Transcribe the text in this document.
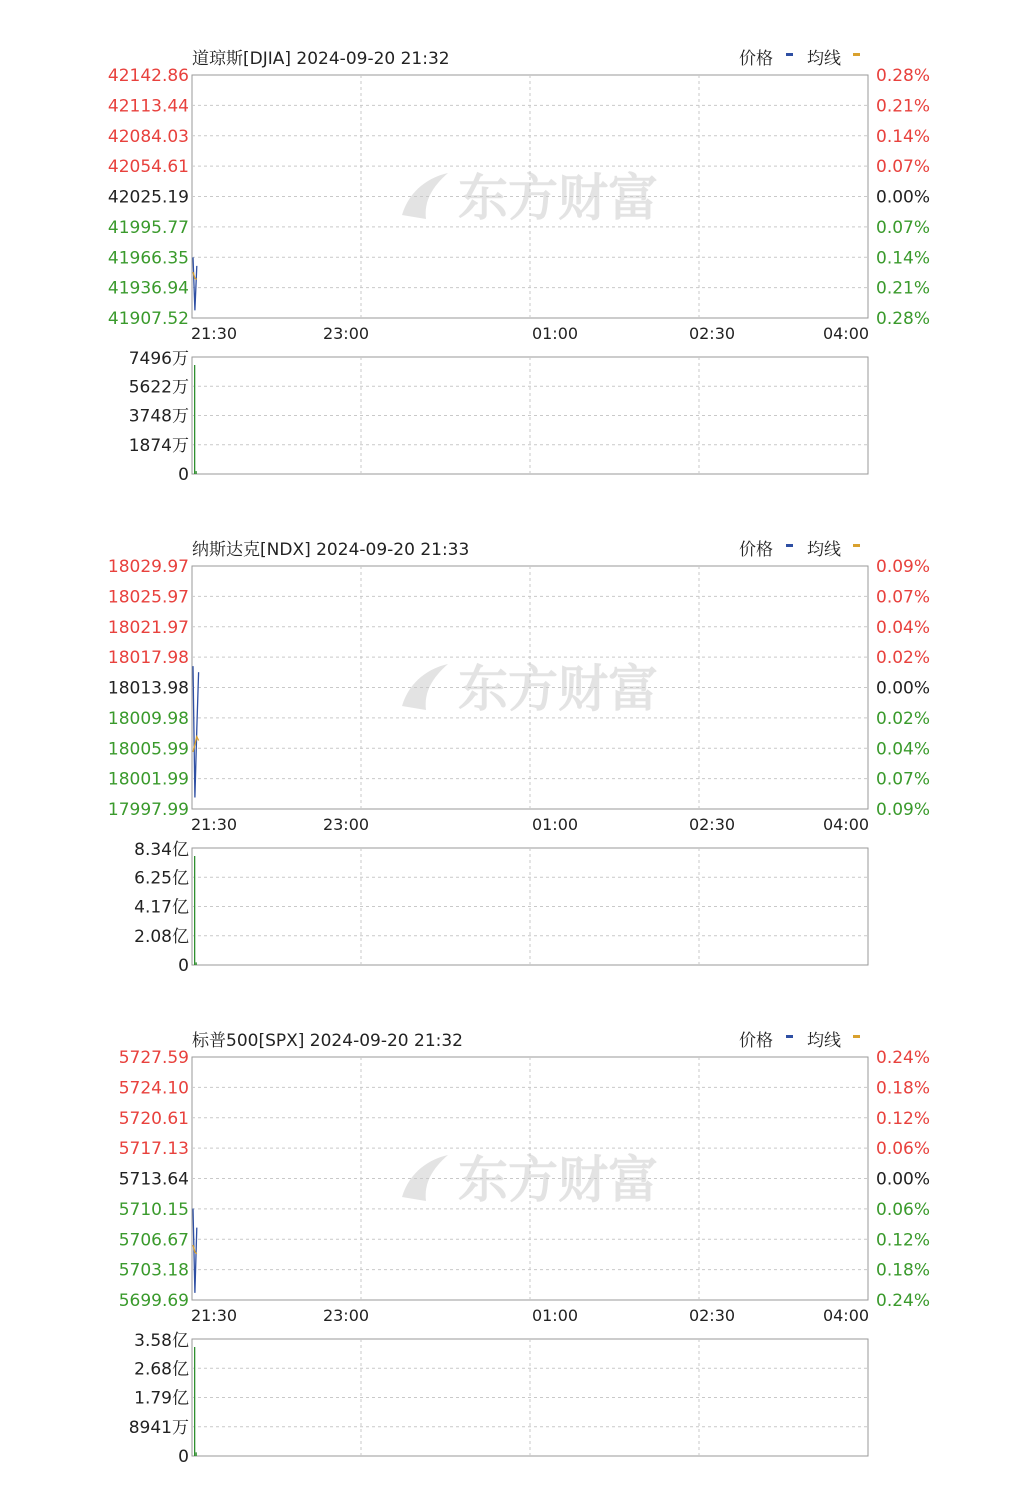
道琼斯[DJIA] 2024-09-20 21:32	价格 均线
东方财富
42142.86
42113.44
42084.03
42054.61
42025.19
41995.77
41966.35
41936.94
41907.52
0.28%
0.21%
0.14%
0.07%
0.00%
0.07%
0.14%
0.21%
0.28%
21:30	23:00	01:00	02:30	04:00
7496万
5622万
3748万
1874万
0
纳斯达克[NDX] 2024-09-20 21:33	价格 均线
东方财富
18029.97
18025.97
18021.97
18017.98
18013.98
18009.98
18005.99
18001.99
17997.99
0.09%
0.07%
0.04%
0.02%
0.00%
0.02%
0.04%
0.07%
0.09%
21:30	23:00	01:00	02:30	04:00
8.34亿
6.25亿
4.17亿
2.08亿
0
标普500[SPX] 2024-09-20 21:32	价格 均线
东方财富
5727.59
5724.10
5720.61
5717.13
5713.64
5710.15
5706.67
5703.18
5699.69
0.24%
0.18%
0.12%
0.06%
0.00%
0.06%
0.12%
0.18%
0.24%
21:30	23:00	01:00	02:30	04:00
3.58亿
2.68亿
1.79亿
8941万
0
